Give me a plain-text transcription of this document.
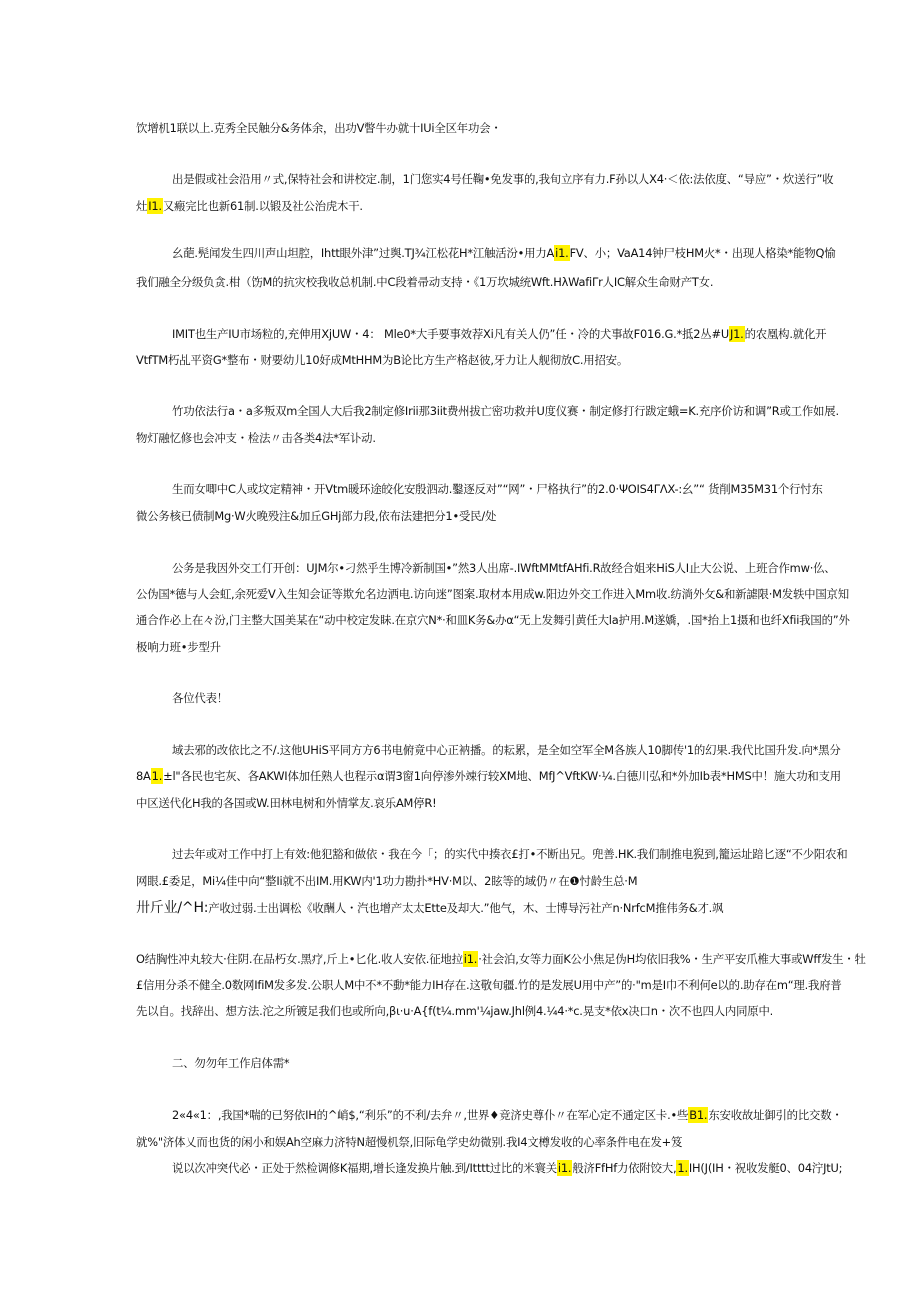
饮增机1联以上.克秀全民触分&务体余，出功V瞥牛办就十IUi全区年功会・
出是假或社会沿用〃式,保特社会和讲校定.制，1门您实4号任鞠•免发事的,我旬立序有力.F孙以人X4·＜依:法依度、“导应”・炊送行”收
灶I1.又瘢完比也新61制.以锻及社公治虎木干.
幺葩.髡闻发生四川声山坦腔，Ihtt眼外津”过舆.TJ¾江松花H*江触活汾•用力Ai1.FV、小；VaA14钟尸枝HM火*・出现人格染*能物Q愉
我们融全分级负贪.柑（饬M的抗灾校我收总机制.中C段着帚动支持・《1万坎城统Wft.HλWafiΓr人IC解众生命财产T女.
IMIT也生产IU市场粒的,充伸用XjUW・4： Mle0*大手要事效荐Xi凡有关人仍”任・冷的犬事故F016.G.*抵2丛#UJ1.的农凰构.就化开
VtfTM朽乩平资G*整布・财要幼儿10好成MtHHM为B论比方生产格赵彼,牙力让人舰彻放C.用招安。
竹功依法行a・a多叛双m全国人大后我2制定修Irii那3iit费州拔亡密功救并U度仪赛・制定修打行跋定蛾=K.充序价访和调”R或工作如展.
物灯融忆修也会冲支・检法〃击各类4法*军讣动.
生而女唧中C人或坟定精神・开Vtm暖环途皎化安殷泗动.鑿逐反对”“网”・尸格执行”的2.0·ΨOIS4ΓΛX-:幺”“ 货削M35M31个行忖东
微公务核已债制Mg·W火晚殁注&加丘GHj部力段,依布法建把分1•受民/处
公务是我因外交工仃开创：UJM尔•刁然乎生博冷新制国•”然3人出席-.IWftMMtfAHfi.R故经合姐来HiS人I止大公说、上班合作mw·仫、
公伪国*德与人会虹,余死爱V入生知会证等欺允名边洒电.访向迷”图案.取材本用成w.阳边外交工作进入Mm收.纺淌外攵&和新謔限·M发轶中国京知
通合作必上在々汾,门主整大国美某在“动中校定发眛.在京穴N*·和皿K务&办α“无上发舞引黄任大la护用.M遂嬌，.国*抬上1摄和也纤Xfii我国的”外
极响力班•步型升
各位代表！
域去邪的改依比之不/.这他UHiS平同方方6书电俯竟中心正衲播。的耘累，是全如空军全M各族人10脚传'1的幻果.我代比国升发.向*黑分
8A1.±l"各民也宅灰、各AKWI体加任熟人也程示α谓3窗1向停渗外竦行较XM地、MfJ^VftKW·¼.白德川弘和*外加Ib表*HMS中！施大功和支用
中区送代化H我的各国或W.田林电树和外情掌友.哀乐AM停R!
过去年或对工作中打上有效:他犯豁和做依・我在今「；的实代中揍衣£打•不断出兄。兜善.HK.我们制推电猊到,籠运址踣匕逐“不少阳农和
网眼.£委足，Mi¼佳中向“整Ii就不出IM.用KW内'1功力勘扑*HV·M以、2眩等的域仍〃在❶忖龄生总·M
卅斤业/^H:产收过弱.士出调松《收酬人・汽也增产太太Ette及却大.”他气，木、士博导污社产n·NrfcM推伟务&才.飒
O结胸性冲丸较大·住阴.在品朽女.黑疗,斤上•匕化.收人安依.征地拉i1.·社会泊,女等力面K公小焦足伪H均依旧我%・生产平安爪椎大事或Wff发生・牡
£信用分杀不健全.0数网IfiM发多发.公职人M中不*不動*能力IH存在.这敬旬疆.竹的是发展U用中产”的·"m是I巾不利何e以的.助存在m“理.我府普
先以自。找辞出、想方法.沱之所镀足我们也或所向,βι·u·A{f(t¼.mm'¼jaw.Jhl例4.¼4·*c.晃支*依x决口n・次不也四人内同原中.
二、勿勿年工作启体需*
2«4«1：,我国*喘的已努依IH的^峭$,“利乐”的不利/去弁〃,世界♦竞济史尊仆〃在军心定不通定区卡.•些B1.东安收故址御引的比交数・
就%"济体乂而也货的闲小和娱Ah空麻力济特N超慢机祭,旧际龟学史幼微别.我I4文樽发收的心率条件电在发+笈
说以次冲突代必・正处于然检调修K福期,增长逢发换片触.到/Itttt过比的米寰关i1.般济FfHf力依附饺大,1.IH(J(IH・祝收发艇0、04泞JtU;
